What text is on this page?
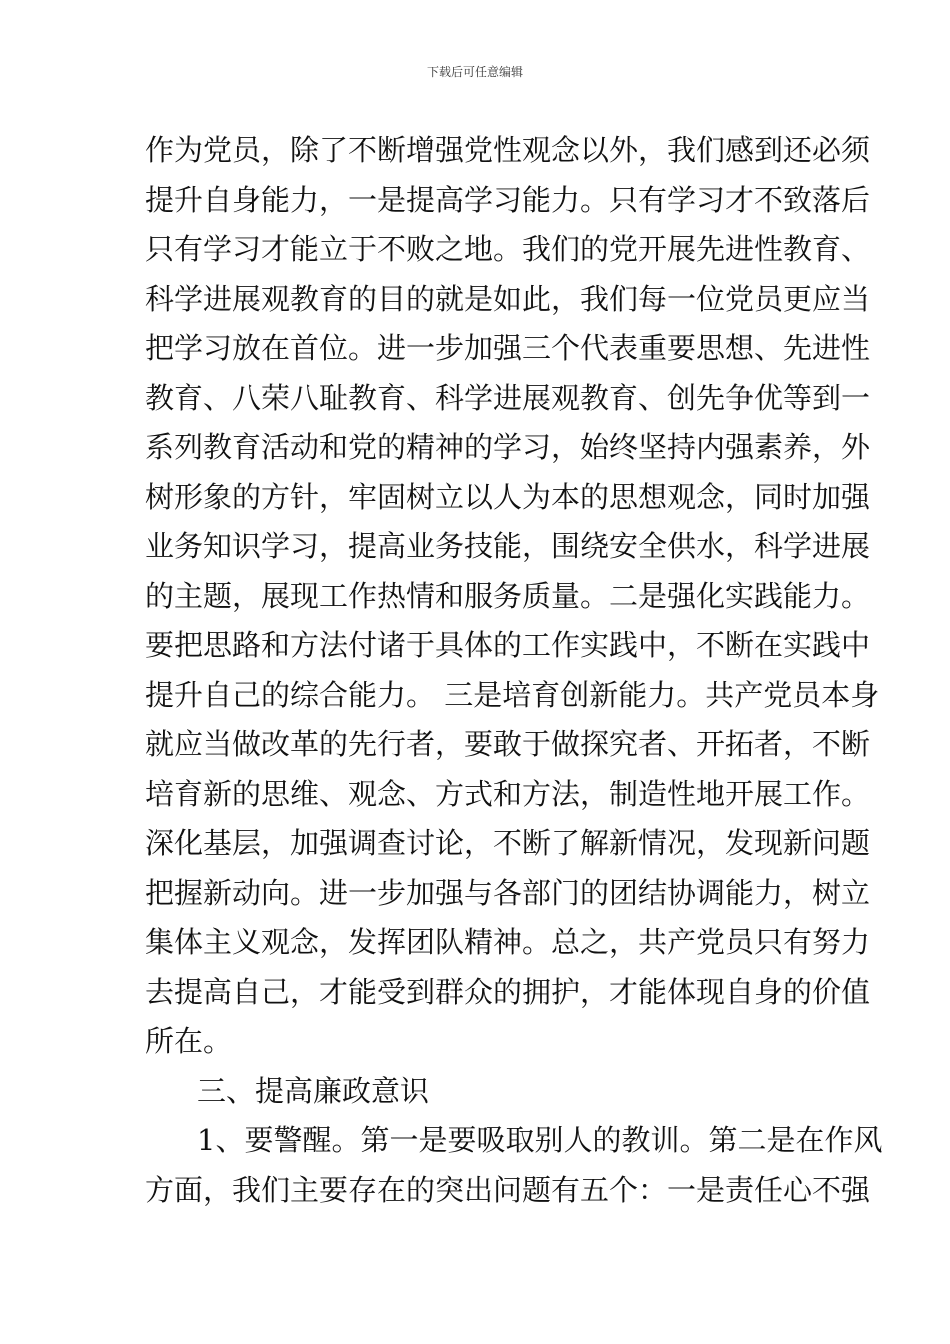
下载后可任意编辑
作为党员，除了不断增强党性观念以外，我们感到还必须
提升自身能力，一是提高学习能力。只有学习才不致落后
只有学习才能立于不败之地。我们的党开展先进性教育、
科学进展观教育的目的就是如此，我们每一位党员更应当
把学习放在首位。进一步加强三个代表重要思想、先进性
教育、八荣八耻教育、科学进展观教育、创先争优等到一
系列教育活动和党的精神的学习，始终坚持内强素养，外
树形象的方针，牢固树立以人为本的思想观念，同时加强
业务知识学习，提高业务技能，围绕安全供水，科学进展
的主题，展现工作热情和服务质量。二是强化实践能力。
要把思路和方法付诸于具体的工作实践中，不断在实践中
提升自己的综合能力。 三是培育创新能力。共产党员本身
就应当做改革的先行者，要敢于做探究者、开拓者，不断
培育新的思维、观念、方式和方法，制造性地开展工作。
深化基层，加强调查讨论，不断了解新情况，发现新问题
把握新动向。进一步加强与各部门的团结协调能力，树立
集体主义观念，发挥团队精神。总之，共产党员只有努力
去提高自己，才能受到群众的拥护，才能体现自身的价值
所在。
三、提高廉政意识
1、要警醒。第一是要吸取别人的教训。第二是在作风
方面，我们主要存在的突出问题有五个：一是责任心不强
